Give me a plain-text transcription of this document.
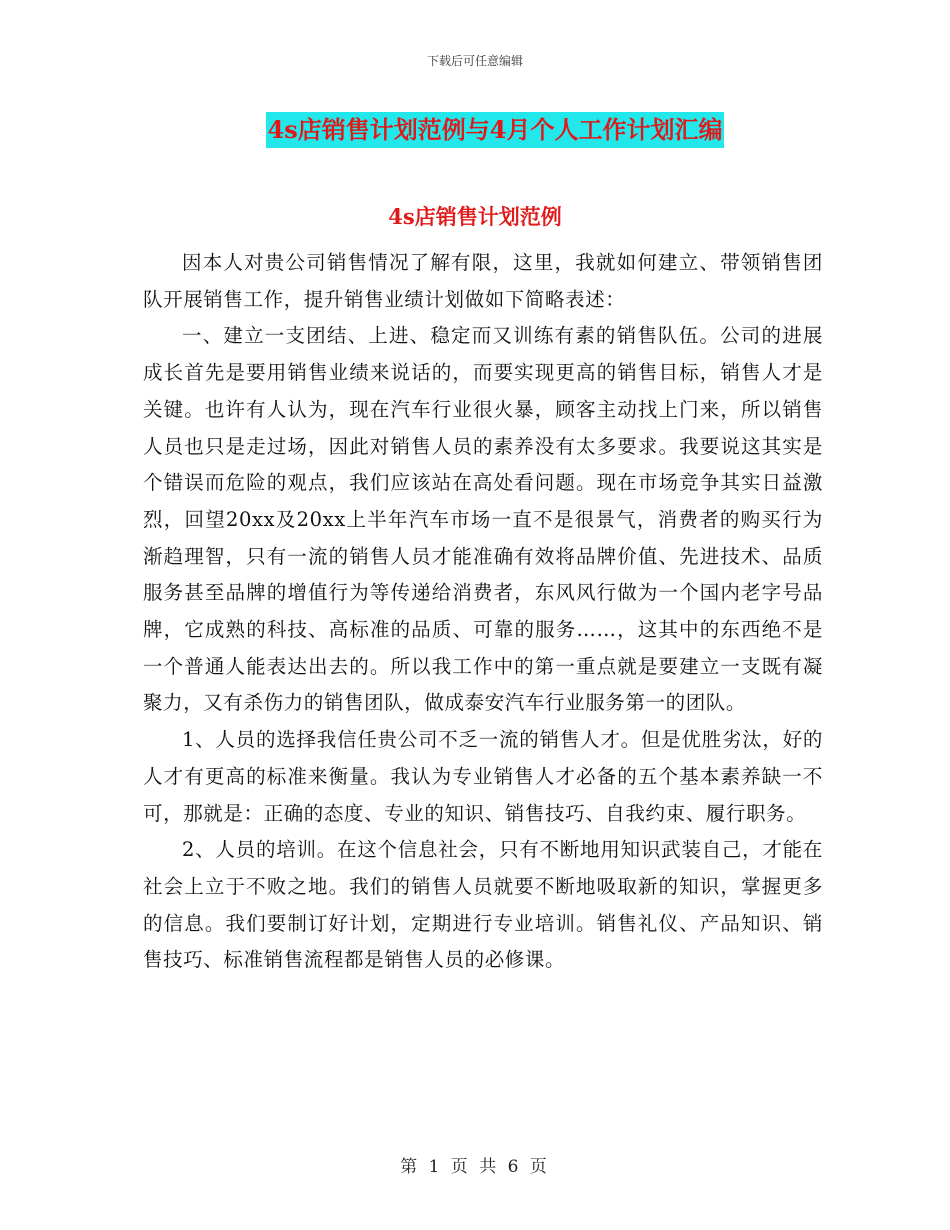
下载后可任意编辑
4s店销售计划范例与4月个人工作计划汇编
4s店销售计划范例

因本人对贵公司销售情况了解有限，这里，我就如何建立、带领销售团队开展销售工作，提升销售业绩计划做如下简略表述：

一、建立一支团结、上进、稳定而又训练有素的销售队伍。公司的进展成长首先是要用销售业绩来说话的，而要实现更高的销售目标，销售人才是关键。也许有人认为，现在汽车行业很火暴，顾客主动找上门来，所以销售人员也只是走过场，因此对销售人员的素养没有太多要求。我要说这其实是个错误而危险的观点，我们应该站在高处看问题。现在市场竞争其实日益激烈，回望20xx及20xx上半年汽车市场一直不是很景气，消费者的购买行为渐趋理智，只有一流的销售人员才能准确有效将品牌价值、先进技术、品质服务甚至品牌的增值行为等传递给消费者，东风风行做为一个国内老字号品牌，它成熟的科技、高标准的品质、可靠的服务……，这其中的东西绝不是一个普通人能表达出去的。所以我工作中的第一重点就是要建立一支既有凝聚力，又有杀伤力的销售团队，做成泰安汽车行业服务第一的团队。

1、人员的选择我信任贵公司不乏一流的销售人才。但是优胜劣汰，好的人才有更高的标准来衡量。我认为专业销售人才必备的五个基本素养缺一不可，那就是：正确的态度、专业的知识、销售技巧、自我约束、履行职务。

2、人员的培训。在这个信息社会，只有不断地用知识武装自己，才能在社会上立于不败之地。我们的销售人员就要不断地吸取新的知识，掌握更多的信息。我们要制订好计划，定期进行专业培训。销售礼仪、产品知识、销售技巧、标准销售流程都是销售人员的必修课。

第 1 页 共 6 页
